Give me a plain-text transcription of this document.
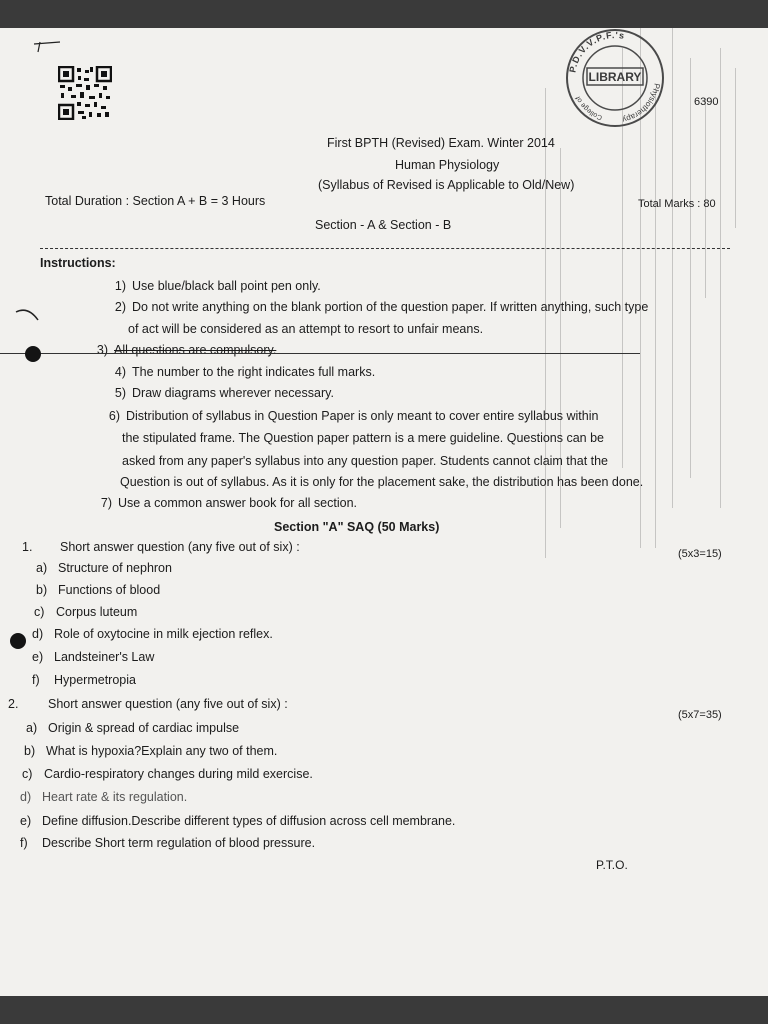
P.D.V.V.P.F.'s
Physiotherapy
College of
LIBRARY
6390
First BPTH (Revised) Exam. Winter 2014
Human Physiology
(Syllabus of Revised is Applicable to Old/New)
Total Duration : Section A + B = 3 Hours	Total Marks : 80
Section - A & Section - B
Instructions:
1) Use blue/black ball point pen only.
2) Do not write anything on the blank portion of the question paper. If written anything, such type
of act will be considered as an attempt to resort to unfair means.
3) All questions are compulsory.
4) The number to the right indicates full marks.
5) Draw diagrams wherever necessary.
6) Distribution of syllabus in Question Paper is only meant to cover entire syllabus within
the stipulated frame. The Question paper pattern is a mere guideline. Questions can be
asked from any paper's syllabus into any question paper. Students cannot claim that the
Question is out of syllabus. As it is only for the placement sake, the distribution has been done.
7) Use a common answer book for all section.
Section "A" SAQ (50 Marks)
1. Short answer question (any five out of six) :	(5x3=15)
a) Structure of nephron
b) Functions of blood
c) Corpus luteum
d) Role of oxytocine in milk ejection reflex.
e) Landsteiner's Law
f) Hypermetropia
2. Short answer question (any five out of six) :
(5x7=35)
a) Origin & spread of cardiac impulse
b) What is hypoxia?Explain any two of them.
c) Cardio-respiratory changes during mild exercise.
d) Heart rate & its regulation.
e) Define diffusion.Describe different types of diffusion across cell membrane.
f) Describe Short term regulation of blood pressure.
P.T.O.
